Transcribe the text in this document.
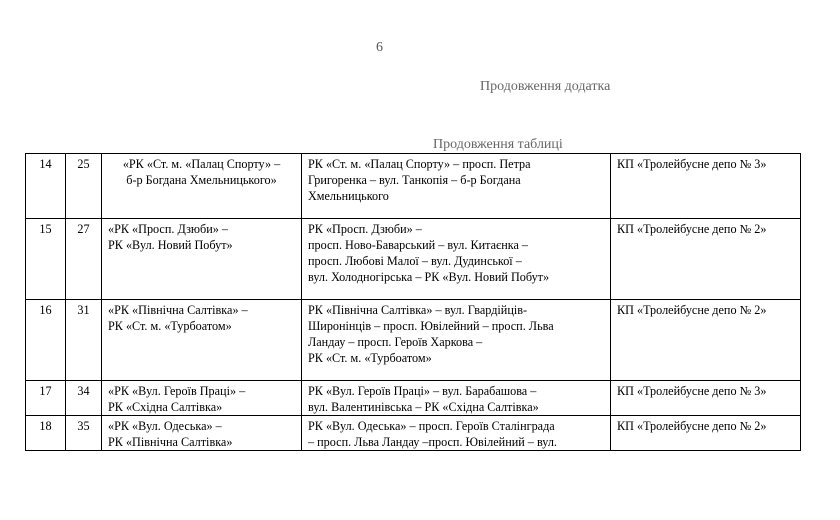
6
Продовження додатка
Продовження таблиці
14	25	«РК «Ст. м. «Палац Спорту» –
б-р Богдана Хмельницького»	РК «Ст. м. «Палац Спорту» – просп. Петра
Григоренка – вул. Танкопія – б-р Богдана
Хмельницького	КП «Тролейбусне депо № 3»
15	27	«РК «Просп. Дзюби» –
РК «Вул. Новий Побут»	РК «Просп. Дзюби» –
просп. Ново-Баварський – вул. Китаєнка –
просп. Любові Малої – вул. Дудинської –
вул. Холодногірська – РК «Вул. Новий Побут»	КП «Тролейбусне депо № 2»
16	31	«РК «Північна Салтівка» –
РК «Ст. м. «Турбоатом»	РК «Північна Салтівка» – вул. Гвардійців-
Широнінців – просп. Ювілейний – просп. Льва
Ландау – просп. Героїв Харкова –
РК «Ст. м. «Турбоатом»	КП «Тролейбусне депо № 2»
17	34	«РК «Вул. Героїв Праці» –
РК «Східна Салтівка»	РК «Вул. Героїв Праці» – вул. Барабашова –
вул. Валентинівська – РК «Східна Салтівка»	КП «Тролейбусне депо № 3»
18	35	«РК «Вул. Одеська» –
РК «Північна Салтівка»	РК «Вул. Одеська» – просп. Героїв Сталінграда
– просп. Льва Ландау –просп. Ювілейний – вул.	КП «Тролейбусне депо № 2»
